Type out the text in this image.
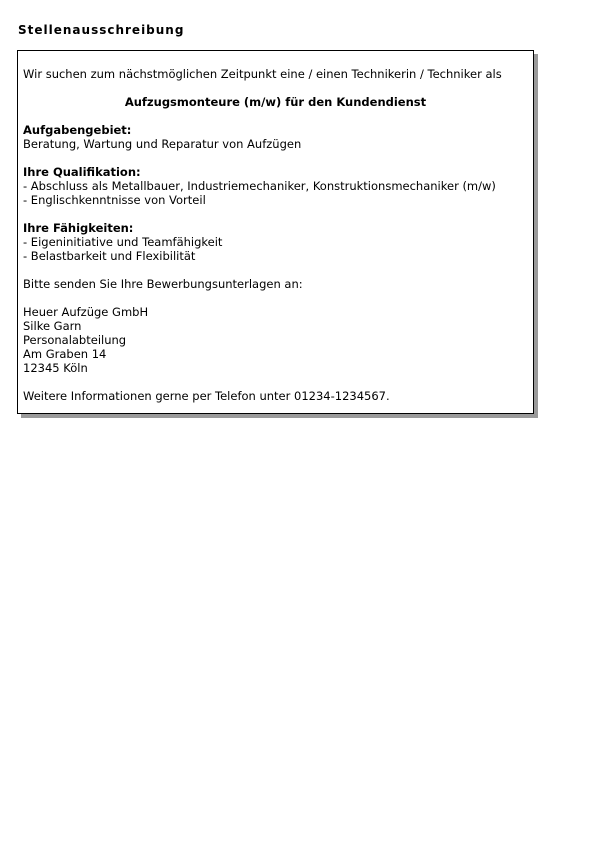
Stellenausschreibung
Wir suchen zum nächstmöglichen Zeitpunkt eine / einen Technikerin / Techniker als
Aufzugsmonteure (m/w) für den Kundendienst
Aufgabengebiet:
Beratung, Wartung und Reparatur von Aufzügen
Ihre Qualifikation:
- Abschluss als Metallbauer, Industriemechaniker, Konstruktionsmechaniker (m/w)
- Englischkenntnisse von Vorteil
Ihre Fähigkeiten:
- Eigeninitiative und Teamfähigkeit
- Belastbarkeit und Flexibilität
Bitte senden Sie Ihre Bewerbungsunterlagen an:
Heuer Aufzüge GmbH
Silke Garn
Personalabteilung
Am Graben 14
12345 Köln
Weitere Informationen gerne per Telefon unter 01234-1234567.
